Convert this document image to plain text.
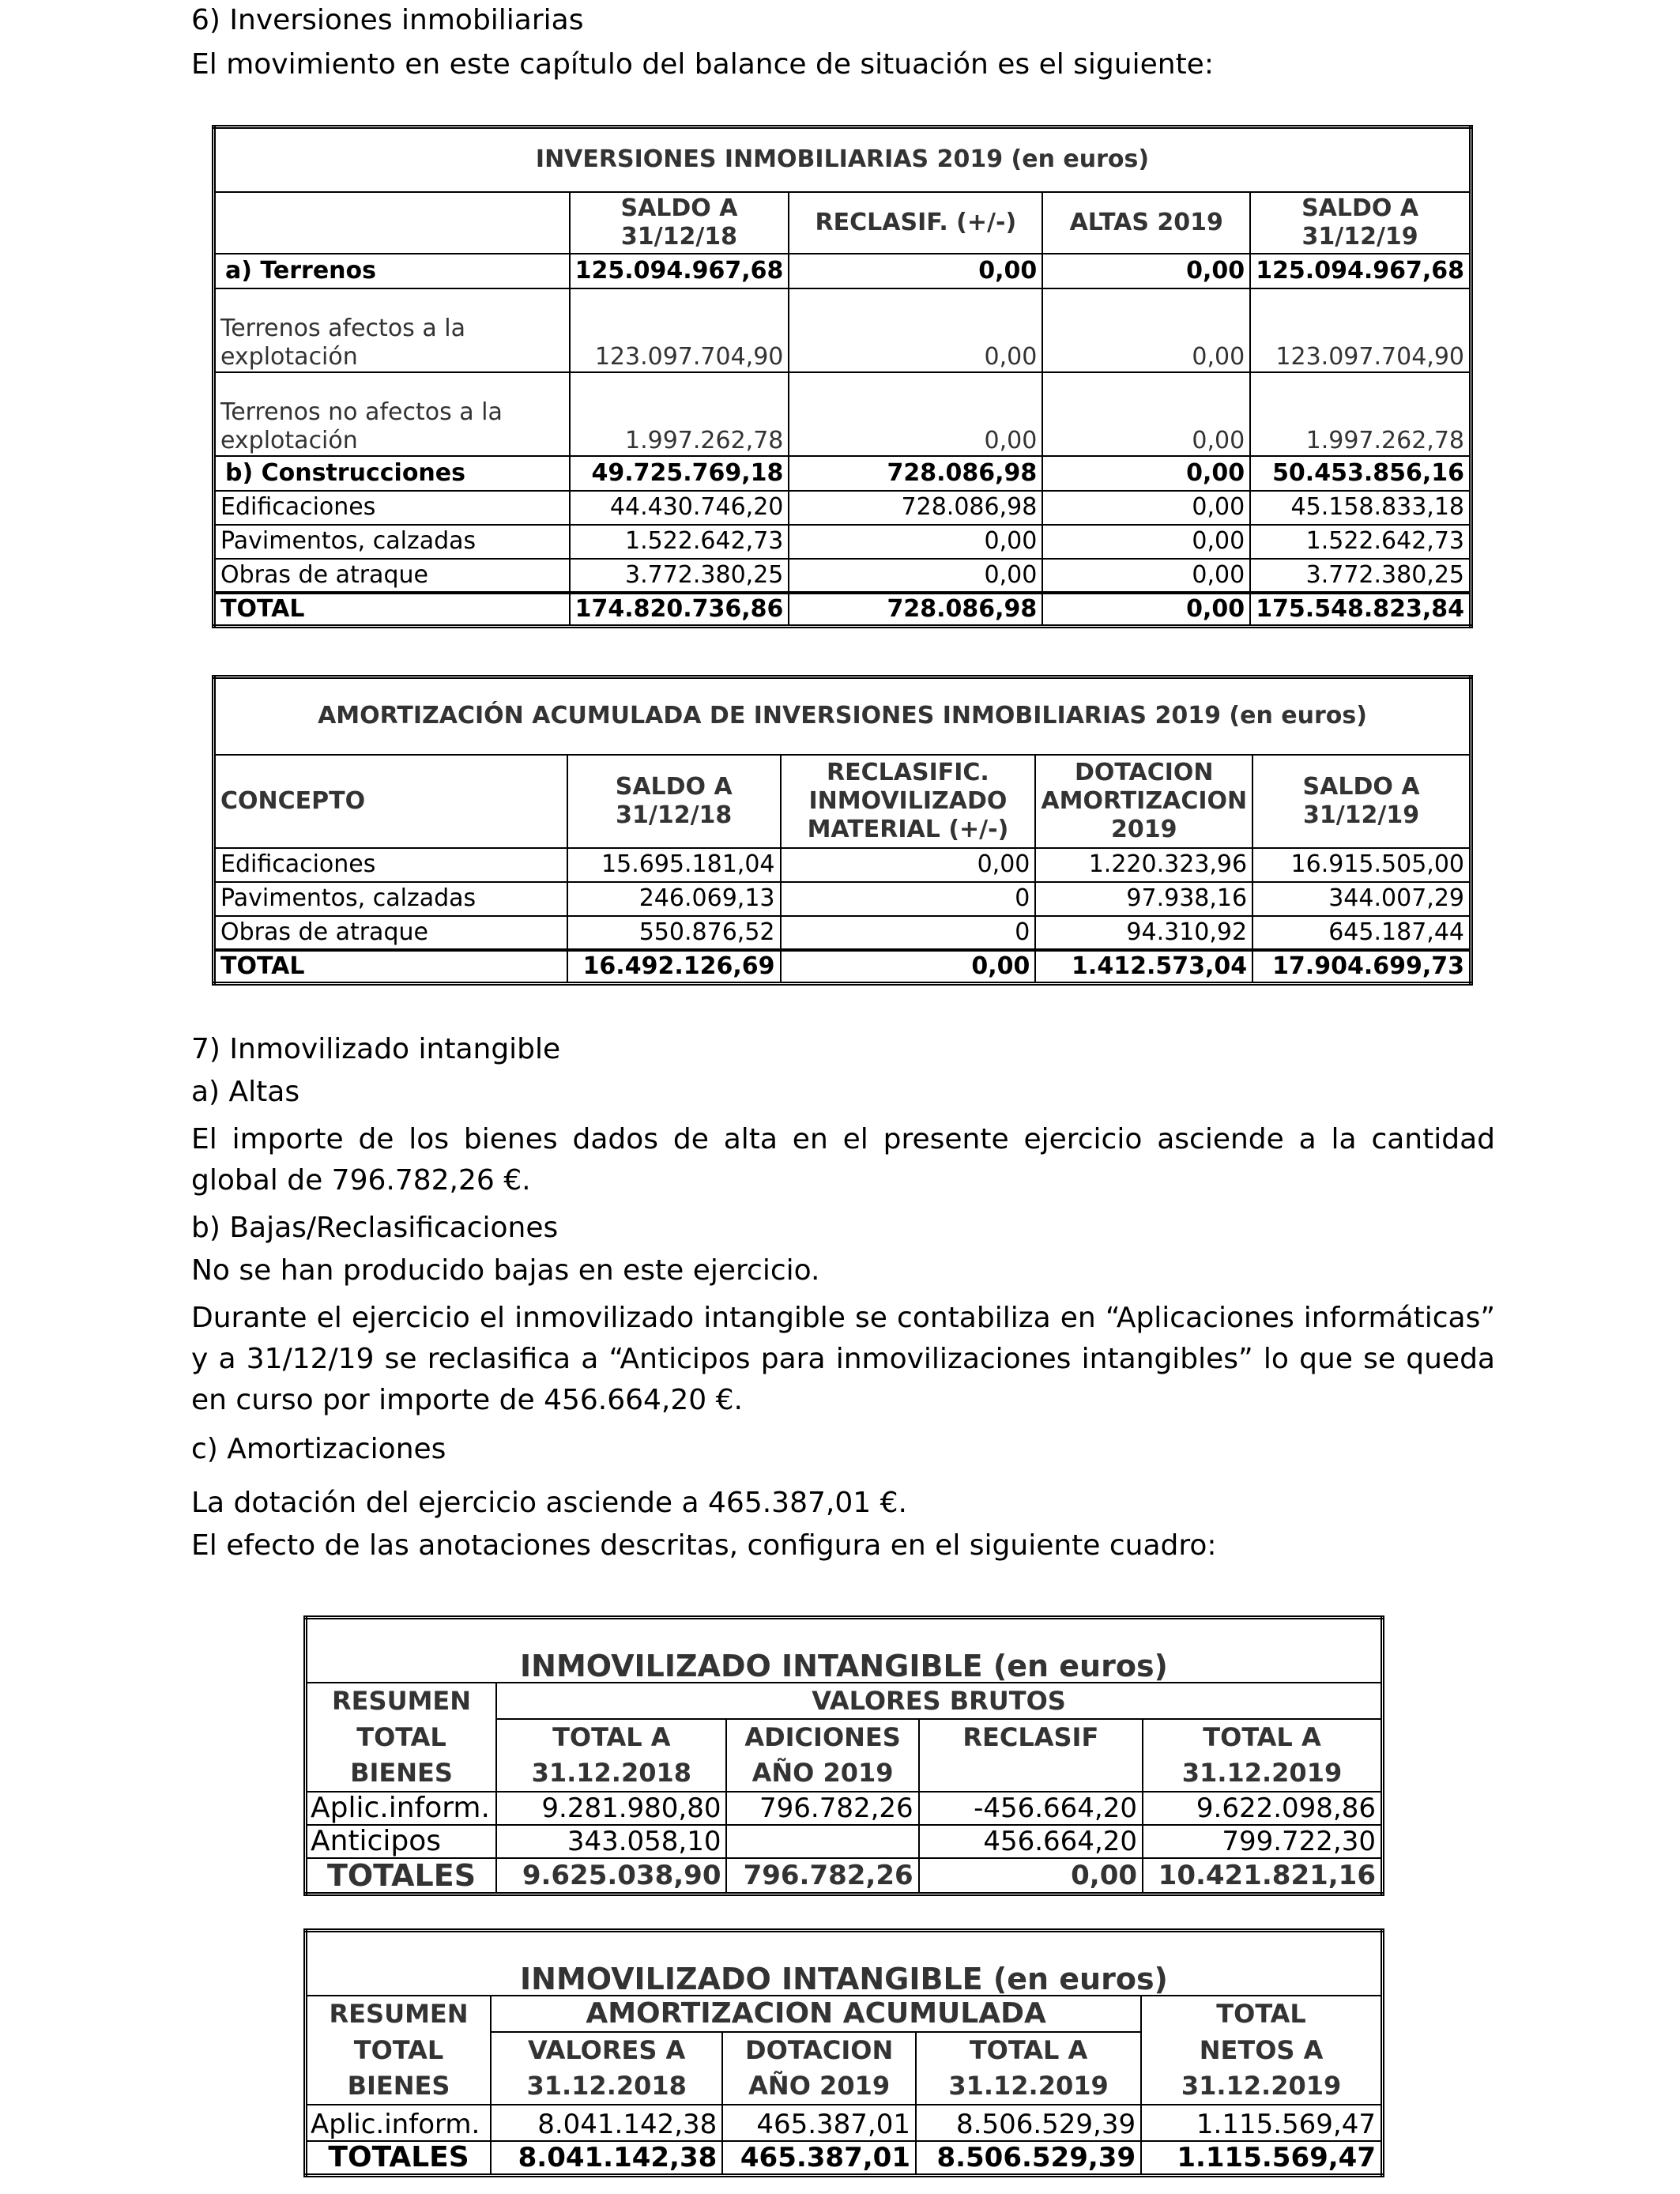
6) Inversiones inmobiliarias

El movimiento en este capítulo del balance de situación es el siguiente:

INVERSIONES INMOBILIARIAS 2019 (en euros)				
	SALDO A 31/12/18	RECLASIF. (+/-)	ALTAS 2019	SALDO A 31/12/19
a) Terrenos	125.094.967,68	0,00	0,00	125.094.967,68
Terrenos afectos a la explotación	123.097.704,90	0,00	0,00	123.097.704,90
Terrenos no afectos a la explotación	1.997.262,78	0,00	0,00	1.997.262,78
b) Construcciones	49.725.769,18	728.086,98	0,00	50.453.856,16
Edificaciones	44.430.746,20	728.086,98	0,00	45.158.833,18
Pavimentos, calzadas	1.522.642,73	0,00	0,00	1.522.642,73
Obras de atraque	3.772.380,25	0,00	0,00	3.772.380,25
TOTAL	174.820.736,86	728.086,98	0,00	175.548.823,84
AMORTIZACIÓN ACUMULADA DE INVERSIONES INMOBILIARIAS 2019 (en euros)				
CONCEPTO	SALDO A 31/12/18	RECLASIFIC. INMOVILIZADO MATERIAL (+/-)	DOTACION AMORTIZACION 2019	SALDO A 31/12/19
Edificaciones	15.695.181,04	0,00	1.220.323,96	16.915.505,00
Pavimentos, calzadas	246.069,13	0	97.938,16	344.007,29
Obras de atraque	550.876,52	0	94.310,92	645.187,44
TOTAL	16.492.126,69	0,00	1.412.573,04	17.904.699,73

7) Inmovilizado intangible

a) Altas

El importe de los bienes dados de alta en el presente ejercicio asciende a la cantidad global de 796.782,26 €.

b) Bajas/Reclasificaciones

No se han producido bajas en este ejercicio.

Durante el ejercicio el inmovilizado intangible se contabiliza en “Aplicaciones informáticas” y a 31/12/19 se reclasifica a “Anticipos para inmovilizaciones intangibles” lo que se queda en curso por importe de 456.664,20 €.

c) Amortizaciones

La dotación del ejercicio asciende a 465.387,01 €.

El efecto de las anotaciones descritas, configura en el siguiente cuadro:

INMOVILIZADO INTANGIBLE (en euros)				
RESUMEN	VALORES BRUTOS			
TOTAL	TOTAL A	ADICIONES	RECLASIF	TOTAL A
BIENES	31.12.2018	AÑO 2019		31.12.2019
Aplic.inform.	9.281.980,80	796.782,26	-456.664,20	9.622.098,86
Anticipos	343.058,10		456.664,20	799.722,30
TOTALES	9.625.038,90	796.782,26	0,00	10.421.821,16
INMOVILIZADO INTANGIBLE (en euros)				
RESUMEN	AMORTIZACION ACUMULADA			TOTAL
TOTAL	VALORES A	DOTACION	TOTAL A	NETOS A
BIENES	31.12.2018	AÑO 2019	31.12.2019	31.12.2019
Aplic.inform.	8.041.142,38	465.387,01	8.506.529,39	1.115.569,47
TOTALES	8.041.142,38	465.387,01	8.506.529,39	1.115.569,47
